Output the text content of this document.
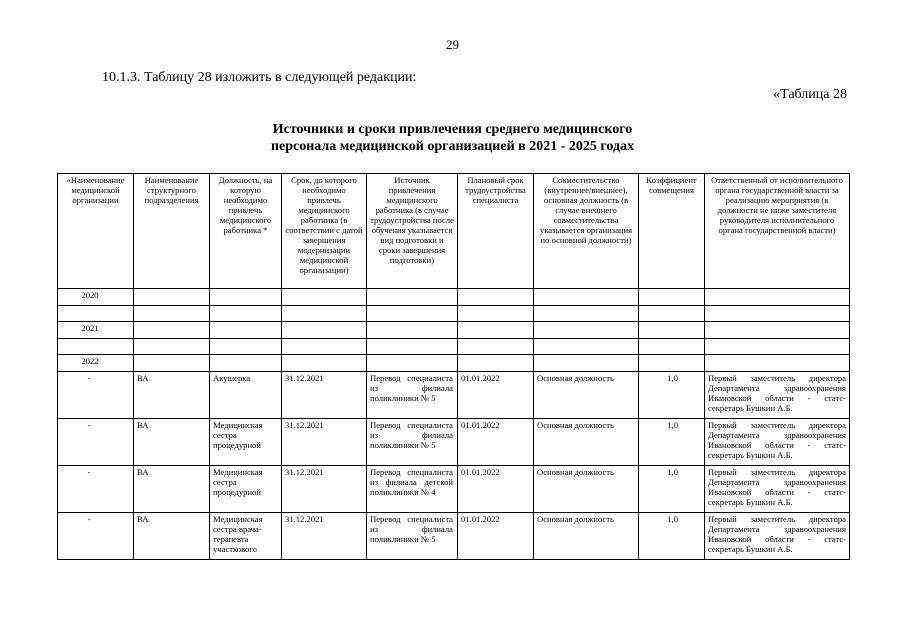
29
10.1.3. Таблицу 28 изложить в следующей редакции:
«Таблица 28
Источники и сроки привлечения среднего медицинского
персонала медицинской организацией в 2021 - 2025 годах
«Наименование медицинской организации	Наименование структурного подразделения	Должность, на которую необходимо привлечь медицинского работника *	Срок, до которого необходимо привлечь медицинского работника (в соответствии с датой завершения модернизации медицинской организации)	Источник привлечения медицинского работника (в случае трудоустройства после обучения указывается вид подготовки и сроки завершения подготовки)	Плановый срок трудоустройства специалиста	Совместительство (внутреннее/внешнее), основная должность (в случае внешнего совместительства указывается организация по основной должности)	Коэффициент совмещения	Ответственный от исполнительного органа государственной власти за реализацию мероприятия (в должности не ниже заместителя руководителя исполнительного органа государственной власти)
2020								

2021								

2022								
-	ВА	Акушерка	31.12.2021	Перевод специалиста из филиала поликлиники № 5	01.01.2022	Основная должность	1,0	Первый заместитель директора Департамента здравоохранения Ивановской области - статс-секретарь Бушкин А.Б.
-	ВА	Медицинская сестра процедурной	31.12.2021	Перевод специалиста из филиала поликлиники № 5	01.01.2022	Основная должность	1,0	Первый заместитель директора Департамента здравоохранения Ивановской области - статс-секретарь Бушкин А.Б.
-	ВА	Медицинская сестра процедурной	31.12.2021	Перевод специалиста из филиала детской поликлиники № 4	01.01.2022	Основная должность	1,0	Первый заместитель директора Департамента здравоохранения Ивановской области - статс-секретарь Бушкин А.Б.
-	ВА	Медицинская сестра врача-терапевта участкового	31.12.2021	Перевод специалиста из филиала поликлиники № 5	01.01.2022	Основная должность	1,0	Первый заместитель директора Департамента здравоохранения Ивановской области - статс-секретарь Бушкин А.Б.
